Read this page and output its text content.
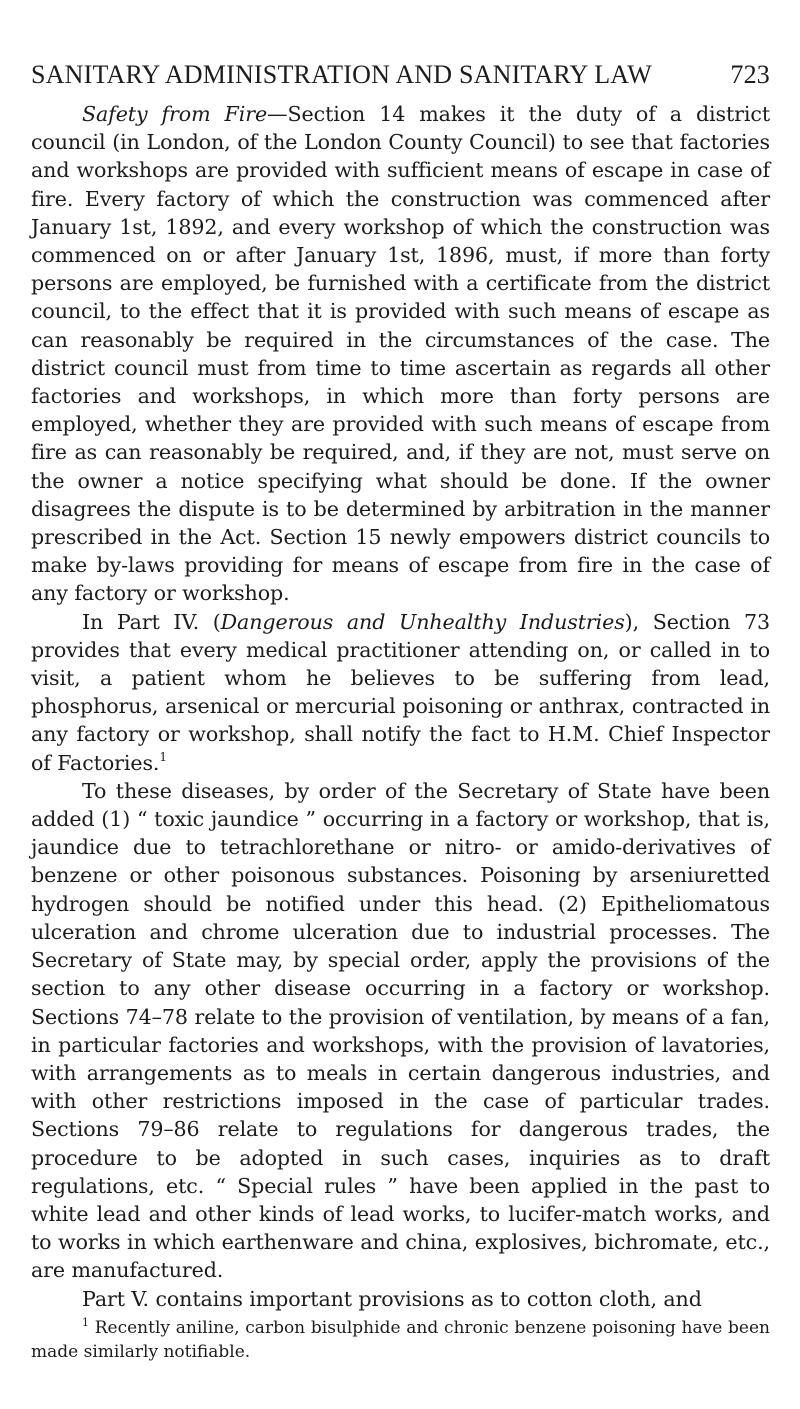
SANITARY ADMINISTRATION AND SANITARY LAW	723

Safety from Fire—Section 14 makes it the duty of a district council (in London, of the London County Council) to see that factories and workshops are provided with sufficient means of escape in case of fire. Every factory of which the construction was commenced after January 1st, 1892, and every workshop of which the construction was commenced on or after January 1st, 1896, must, if more than forty persons are employed, be furnished with a certificate from the district council, to the effect that it is provided with such means of escape as can reasonably be required in the circumstances of the case. The district council must from time to time ascertain as regards all other factories and workshops, in which more than forty persons are employed, whether they are provided with such means of escape from fire as can reasonably be required, and, if they are not, must serve on the owner a notice specifying what should be done. If the owner disagrees the dispute is to be determined by arbitration in the manner prescribed in the Act. Section 15 newly empowers district councils to make by-laws providing for means of escape from fire in the case of any factory or workshop.

In Part IV. (Dangerous and Unhealthy Industries), Section 73 provides that every medical practitioner attending on, or called in to visit, a patient whom he believes to be suffering from lead, phosphorus, arsenical or mercurial poisoning or anthrax, contracted in any factory or workshop, shall notify the fact to H.M. Chief Inspector of Factories.$^1$

To these diseases, by order of the Secretary of State have been added (1) “ toxic jaundice ” occurring in a factory or workshop, that is, jaundice due to tetrachlorethane or nitro- or amido-derivatives of benzene or other poisonous substances. Poisoning by arseniuretted hydrogen should be notified under this head. (2) Epitheliomatous ulceration and chrome ulceration due to industrial processes. The Secretary of State may, by special order, apply the provisions of the section to any other disease occurring in a factory or workshop. Sections 74–78 relate to the provision of ventilation, by means of a fan, in particular factories and workshops, with the provision of lavatories, with arrangements as to meals in certain dangerous industries, and with other restrictions imposed in the case of particular trades. Sections 79–86 relate to regulations for dangerous trades, the procedure to be adopted in such cases, inquiries as to draft regulations, etc. “ Special rules ” have been applied in the past to white lead and other kinds of lead works, to lucifer-match works, and to works in which earthenware and china, explosives, bichromate, etc., are manufactured.

Part V. contains important provisions as to cotton cloth, and

$^1$ Recently aniline, carbon bisulphide and chronic benzene poisoning have been made similarly notifiable.
